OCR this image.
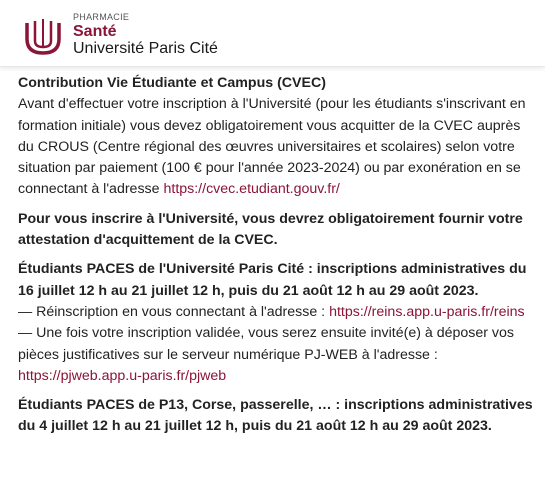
PHARMACIE
Santé
Université Paris Cité
Contribution Vie Étudiante et Campus (CVEC)
Avant d'effectuer votre inscription à l'Université (pour les étudiants s'inscrivant en formation initiale) vous devez obligatoirement vous acquitter de la CVEC auprès du CROUS (Centre régional des œuvres universitaires et scolaires) selon votre situation par paiement (100 € pour l'année 2023-2024) ou par exonération en se connectant à l'adresse https://cvec.etudiant.gouv.fr/
Pour vous inscrire à l'Université, vous devrez obligatoirement fournir votre attestation d'acquittement de la CVEC.
Étudiants PACES de l'Université Paris Cité : inscriptions administratives du 16 juillet 12 h au 21 juillet 12 h, puis du 21 août 12 h au 29 août 2023.
— Réinscription en vous connectant à l'adresse : https://reins.app.u-paris.fr/reins
— Une fois votre inscription validée, vous serez ensuite invité(e) à déposer vos pièces justificatives sur le serveur numérique PJ-WEB à l'adresse : https://pjweb.app.u-paris.fr/pjweb
Étudiants PACES de P13, Corse, passerelle, … : inscriptions administratives du 4 juillet 12 h au 21 juillet 12 h, puis du 21 août 12 h au 29 août 2023.
